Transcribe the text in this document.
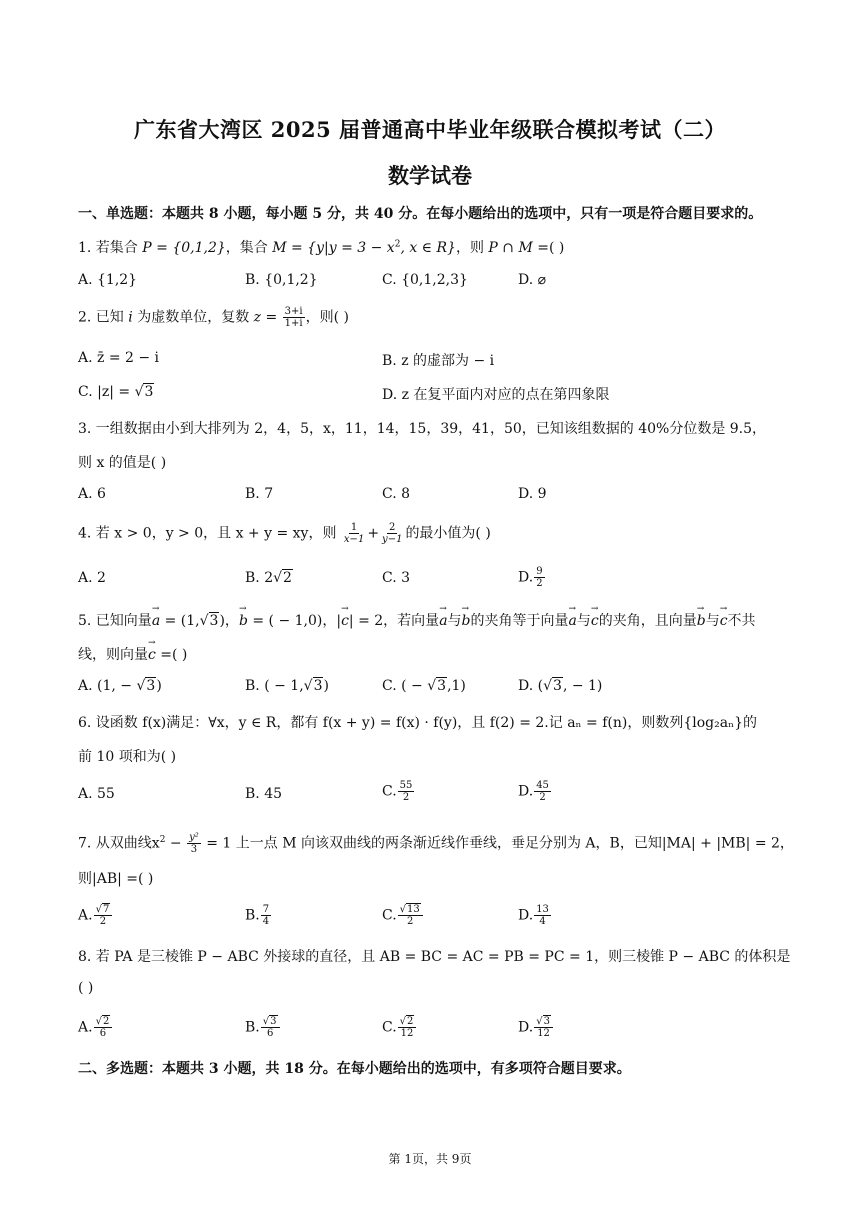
广东省大湾区 2025 届普通高中毕业年级联合模拟考试（二）
数学试卷
一、单选题：本题共 8 小题，每小题 5 分，共 40 分。在每小题给出的选项中，只有一项是符合题目要求的。
1. 若集合 P = {0,1,2}，集合 $M = \{y|y = 3 - x^2$, x ∈ R}，则 P ∩ M =( )
A. {1,2}	B. {0,1,2}	C. {0,1,2,3}	D. ⌀
2. 已知 i 为虚数单位，复数 $z = \frac{3+i}{1+i}$ ，则( )
A. z̄ = 2 − i	B. z 的虚部为 − i
C. |z| = √3	D. z 在复平面内对应的点在第四象限
3. 一组数据由小到大排列为 2，4，5，x，11，14，15，39，41，50，已知该组数据的 40%分位数是 9.5，
则 x 的值是( )
A. 6	B. 7	C. 8	D. 9
4. 若 x > 0，y > 0，且 x + y = xy，则 $\frac{1}{x-1} + \frac{2}{y-1}$ 的最小值为( )
A. 2	B. 2√2	C. 3	D. $\frac{9}{2}$
5. 已知向量a → = (1,√3)，b → = ( − 1,0)，|c →| = 2，若向量a →与b →的夹角等于向量a →与c →的夹角，且向量b →与c →不共
线，则向量c → =( )
A. (1, − √3)	B. ( − 1,√3)	C. ( − √3,1)	D. (√3, − 1)
6. 设函数 f(x)满足：∀x，y ∈ R，都有 f(x + y) = f(x) · f(y)，且 f(2) = 2.记 aₙ = f(n)，则数列{log₂aₙ}的
前 10 项和为( )
A. 55	B. 45	C. $\frac{55}{2}$	D. $\frac{45}{2}$
7. 从双曲线$x^2 - \frac{\text{y²}}{3} = 1$ 上一点 M 向该双曲线的两条渐近线作垂线，垂足分别为 A，B，已知|MA| + |MB| = 2，
则|AB| =( )
A. $\frac{√7}{2}$	B. $\frac{7}{4}$	C. $\frac{√13}{2}$	D. $\frac{13}{4}$
8. 若 PA 是三棱锥 P − ABC 外接球的直径，且 AB = BC = AC = PB = PC = 1，则三棱锥 P − ABC 的体积是
( )
A. $\frac{√2}{6}$	B. $\frac{√3}{6}$	C. $\frac{√2}{12}$	D. $\frac{√3}{12}$
二、多选题：本题共 3 小题，共 18 分。在每小题给出的选项中，有多项符合题目要求。
第 1页，共 9页
